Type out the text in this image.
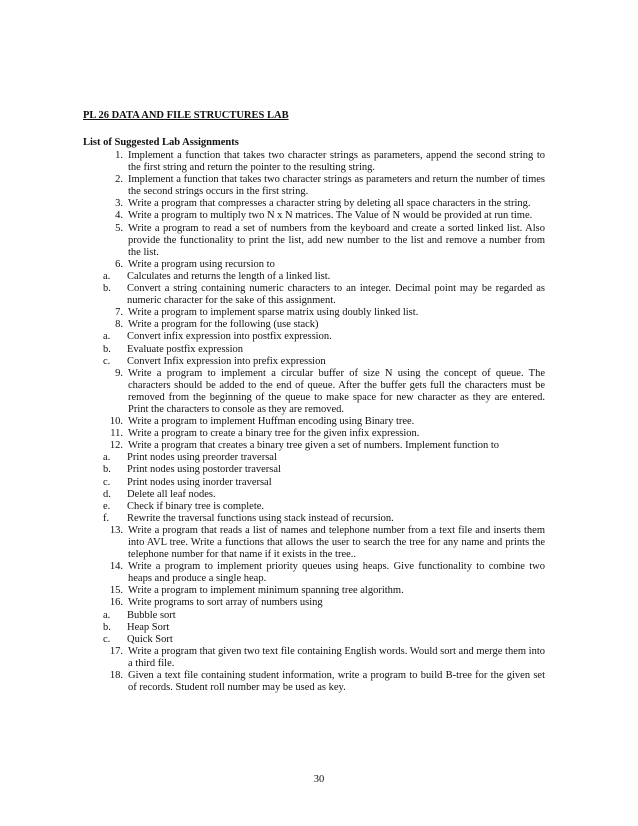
PL 26 DATA AND FILE STRUCTURES LAB
List of Suggested Lab Assignments
1. Implement a function that takes two character strings as parameters, append the second string to the first string and return the pointer to the resulting string.
2. Implement a function that takes two character strings as parameters and return the number of times the second strings occurs in the first string.
3. Write a program that compresses a character string by deleting all space characters in the string.
4. Write a program to multiply two N x N matrices. The Value of N would be provided at run time.
5. Write a program to read a set of numbers from the keyboard and create a sorted linked list. Also provide the functionality to print the list, add new number to the list and remove a number from the list.
6. Write a program using recursion to
a. Calculates and returns the length of a linked list.
b. Convert a string containing numeric characters to an integer. Decimal point may be regarded as numeric character for the sake of this assignment.
7. Write a program to implement sparse matrix using doubly linked list.
8. Write a program for the following (use stack)
a. Convert infix expression into postfix expression.
b. Evaluate postfix expression
c. Convert Infix expression into prefix expression
9. Write a program to implement a circular buffer of size N using the concept of queue. The characters should be added to the end of queue. After the buffer gets full the characters must be removed from the beginning of the queue to make space for new character as they are entered. Print the characters to console as they are removed.
10. Write a program to implement Huffman encoding using Binary tree.
11. Write a program to create a binary tree for the given infix expression.
12. Write a program that creates a binary tree given a set of numbers. Implement function to
a. Print nodes using preorder traversal
b. Print nodes using postorder traversal
c. Print nodes using inorder traversal
d. Delete all leaf nodes.
e. Check if binary tree is complete.
f. Rewrite the traversal functions using stack instead of recursion.
13. Write a program that reads a list of names and telephone number from a text file and inserts them into AVL tree. Write a functions that allows the user to search the tree for any name and prints the telephone number for that name if it exists in the tree..
14. Write a program to implement priority queues using heaps. Give functionality to combine two heaps and produce a single heap.
15. Write a program to implement minimum spanning tree algorithm.
16. Write programs to sort array of numbers using
a. Bubble sort
b. Heap Sort
c. Quick Sort
17. Write a program that given two text file containing English words. Would sort and merge them into a third file.
18. Given a text file containing student information, write a program to build B-tree for the given set of records. Student roll number may be used as key.
30
